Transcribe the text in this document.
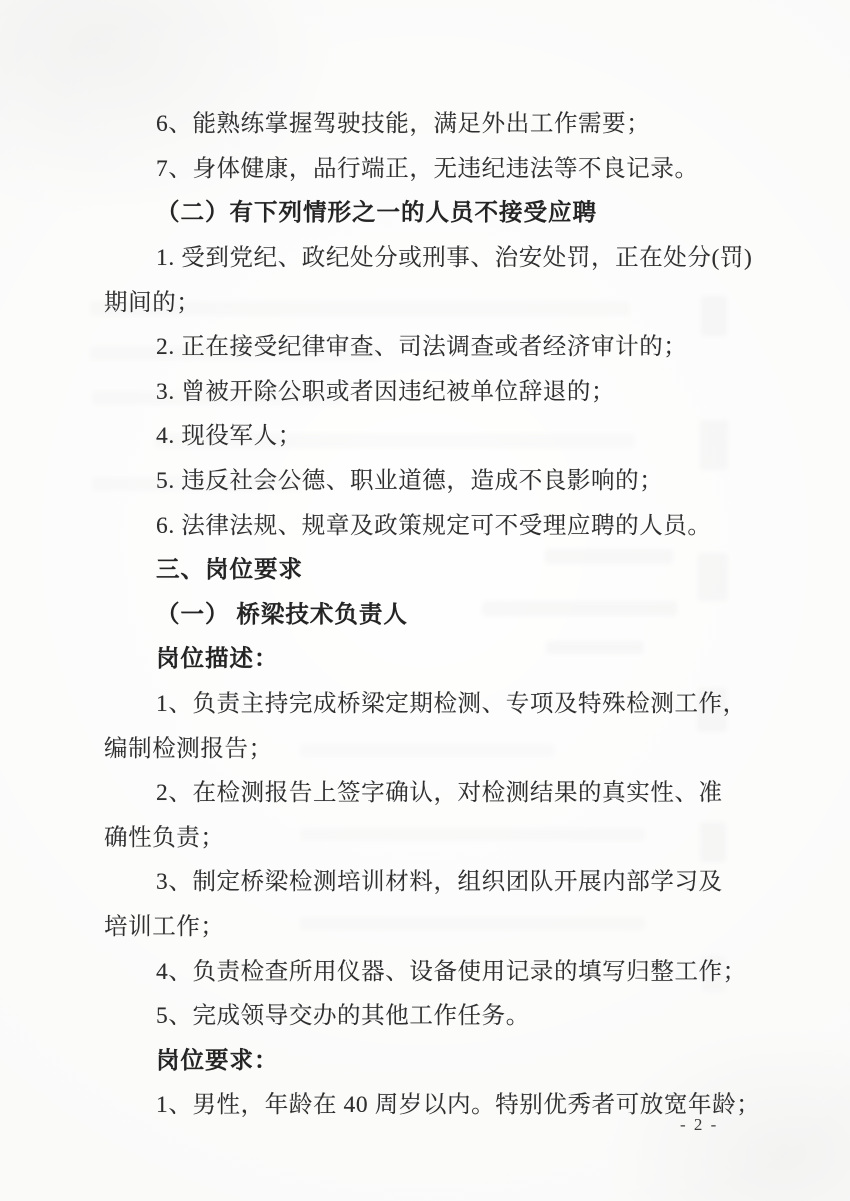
6、能熟练掌握驾驶技能，满足外出工作需要；
7、身体健康，品行端正，无违纪违法等不良记录。
（二）有下列情形之一的人员不接受应聘
1. 受到党纪、政纪处分或刑事、治安处罚，正在处分(罚)
期间的；
2. 正在接受纪律审查、司法调查或者经济审计的；
3. 曾被开除公职或者因违纪被单位辞退的；
4. 现役军人；
5. 违反社会公德、职业道德，造成不良影响的；
6. 法律法规、规章及政策规定可不受理应聘的人员。
三、岗位要求
（一） 桥梁技术负责人
岗位描述：
1、负责主持完成桥梁定期检测、专项及特殊检测工作，
编制检测报告；
2、在检测报告上签字确认，对检测结果的真实性、准
确性负责；
3、制定桥梁检测培训材料，组织团队开展内部学习及
培训工作；
4、负责检查所用仪器、设备使用记录的填写归整工作；
5、完成领导交办的其他工作任务。
岗位要求：
1、男性，年龄在 40 周岁以内。特别优秀者可放宽年龄；
- 2 -
